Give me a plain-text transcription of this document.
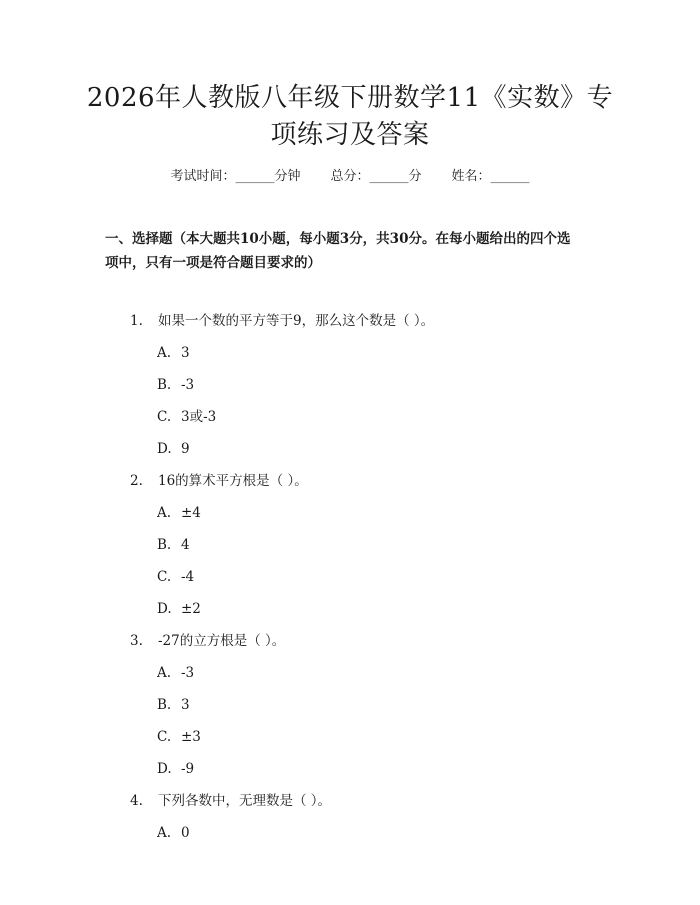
2026年人教版八年级下册数学11《实数》专
项练习及答案
考试时间：______分钟 总分：______分 姓名：______
一、选择题（本大题共10小题，每小题3分，共30分。在每小题给出的四个选
项中，只有一项是符合题目要求的）
1. 如果一个数的平方等于9，那么这个数是（ ）。
A. 3
B. -3
C. 3或-3
D. 9
2. 16的算术平方根是（ ）。
A. ±4
B. 4
C. -4
D. ±2
3. -27的立方根是（ ）。
A. -3
B. 3
C. ±3
D. -9
4. 下列各数中，无理数是（ ）。
A. 0
